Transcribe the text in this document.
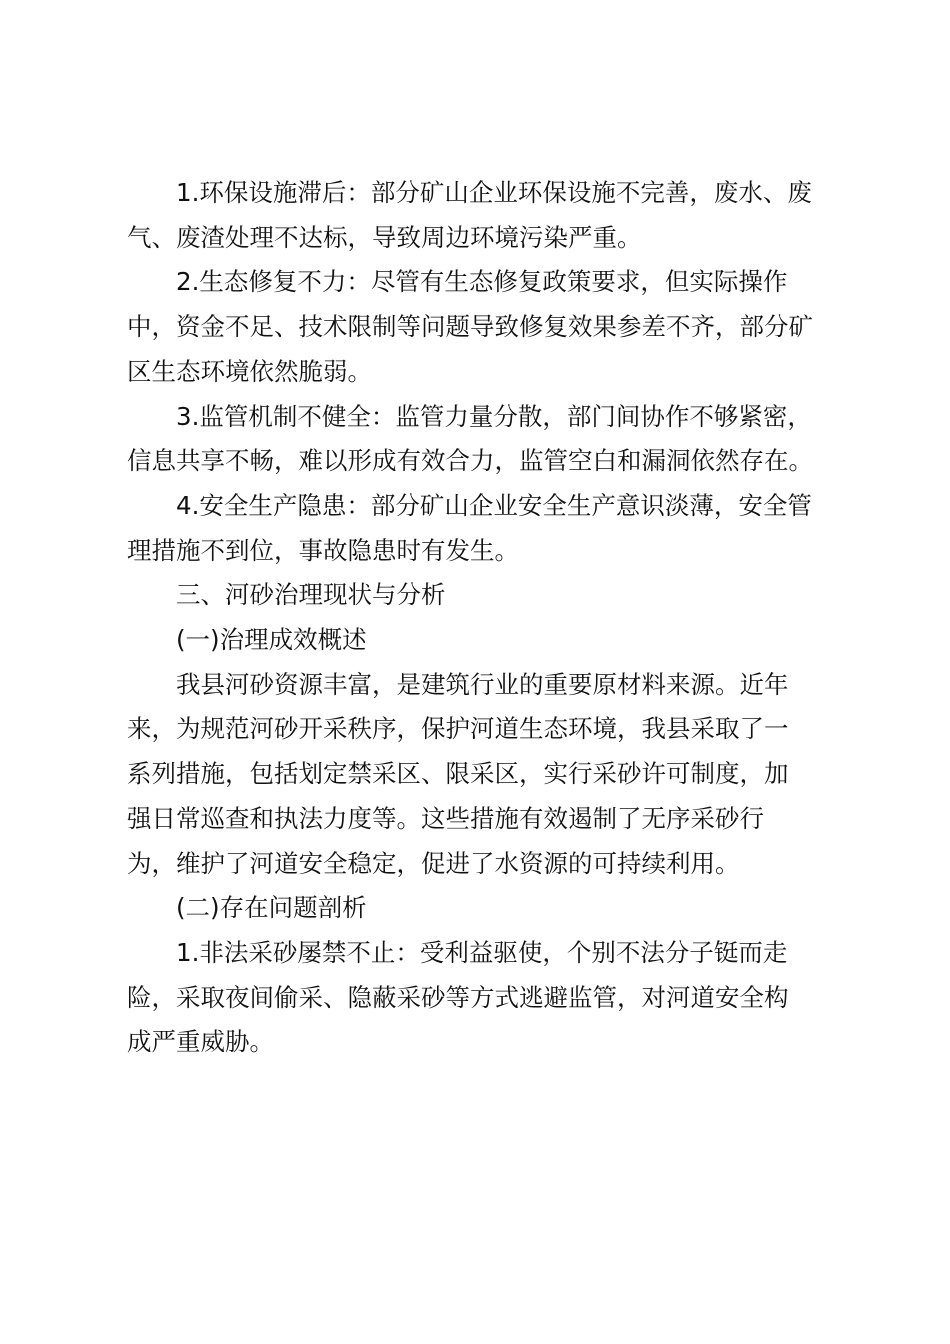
1.环保设施滞后：部分矿山企业环保设施不完善，废水、废
气、废渣处理不达标，导致周边环境污染严重。

2.生态修复不力：尽管有生态修复政策要求，但实际操作
中，资金不足、技术限制等问题导致修复效果参差不齐，部分矿
区生态环境依然脆弱。

3.监管机制不健全：监管力量分散，部门间协作不够紧密，
信息共享不畅，难以形成有效合力，监管空白和漏洞依然存在。

4.安全生产隐患：部分矿山企业安全生产意识淡薄，安全管
理措施不到位，事故隐患时有发生。

三、河砂治理现状与分析

(一)治理成效概述

我县河砂资源丰富，是建筑行业的重要原材料来源。近年
来，为规范河砂开采秩序，保护河道生态环境，我县采取了一
系列措施，包括划定禁采区、限采区，实行采砂许可制度，加
强日常巡查和执法力度等。这些措施有效遏制了无序采砂行
为，维护了河道安全稳定，促进了水资源的可持续利用。

(二)存在问题剖析

1.非法采砂屡禁不止：受利益驱使，个别不法分子铤而走
险，采取夜间偷采、隐蔽采砂等方式逃避监管，对河道安全构
成严重威胁。
